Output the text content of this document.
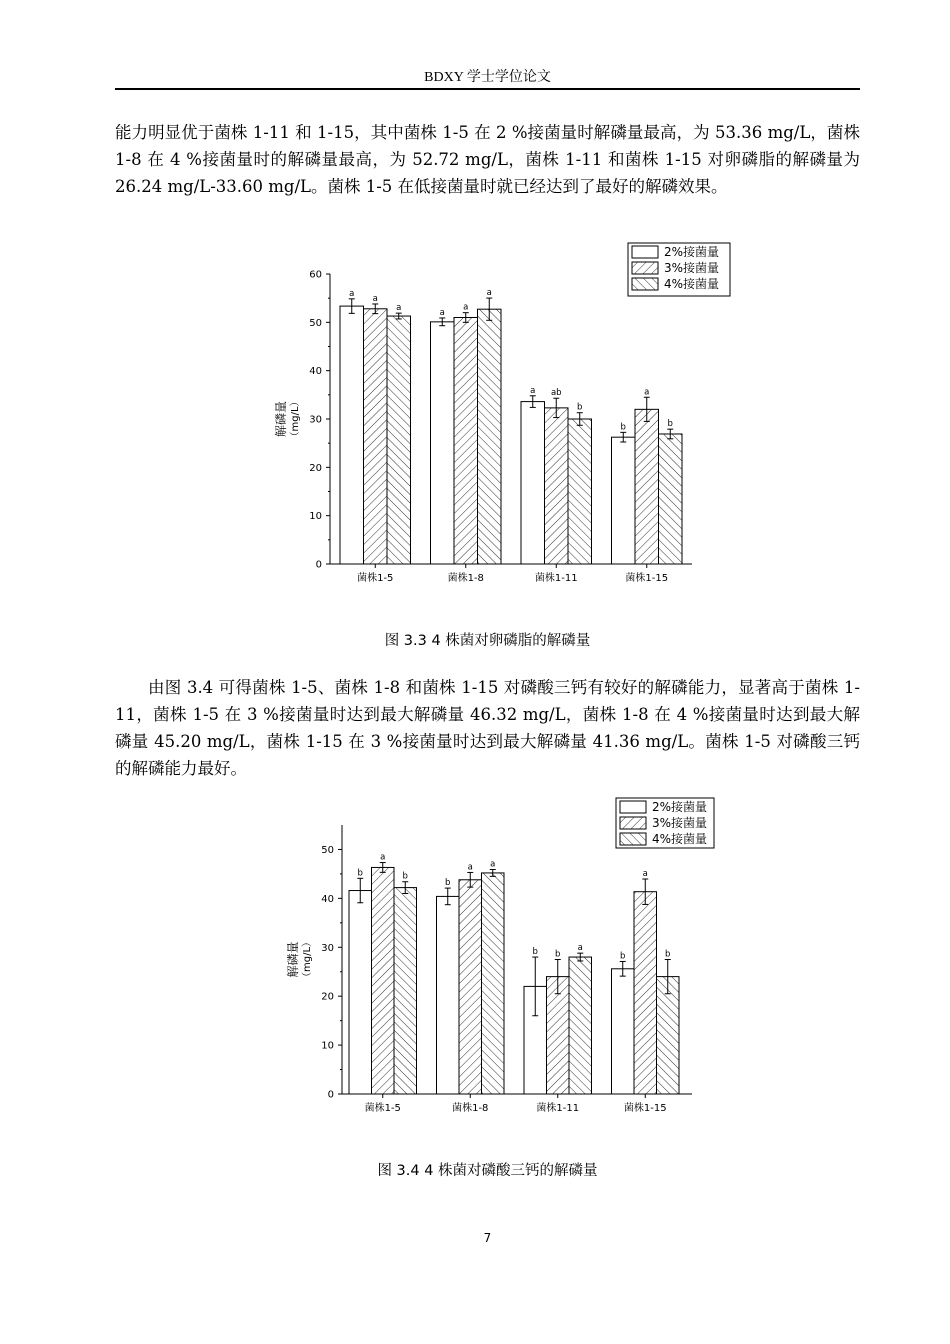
BDXY 学士学位论文

能力明显优于菌株 1-11 和 1-15，其中菌株 1-5 在 2 %接菌量时解磷量最高，为 53.36 mg/L，菌株 1-8 在 4 %接菌量时的解磷量最高，为 52.72 mg/L，菌株 1-11 和菌株 1-15 对卵磷脂的解磷量为 26.24 mg/L-33.60 mg/L。菌株 1-5 在低接菌量时就已经达到了最好的解磷效果。

0
10
20
30
40
50
60
解磷量 （mg/L）
a
a
a
菌株1-5
a
a
a
菌株1-8
a ab
b
菌株1-11
b
a
b
菌株1-15
2%接菌量
3%接菌量
4%接菌量
图 3.3 4 株菌对卵磷脂的解磷量

由图 3.4 可得菌株 1-5、菌株 1-8 和菌株 1-15 对磷酸三钙有较好的解磷能力，显著高于菌株 1-11，菌株 1-5 在 3 %接菌量时达到最大解磷量 46.32 mg/L，菌株 1-8 在 4 %接菌量时达到最大解磷量 45.20 mg/L，菌株 1-15 在 3 %接菌量时达到最大解磷量 41.36 mg/L。菌株 1-5 对磷酸三钙的解磷能力最好。

0
10
20
30
40
50
解磷量 （mg/L）
b
a
b
菌株1-5
b
a a
菌株1-8
b b
a
菌株1-11
b
a
b
菌株1-15
2%接菌量
3%接菌量
4%接菌量
图 3.4 4 株菌对磷酸三钙的解磷量
7
